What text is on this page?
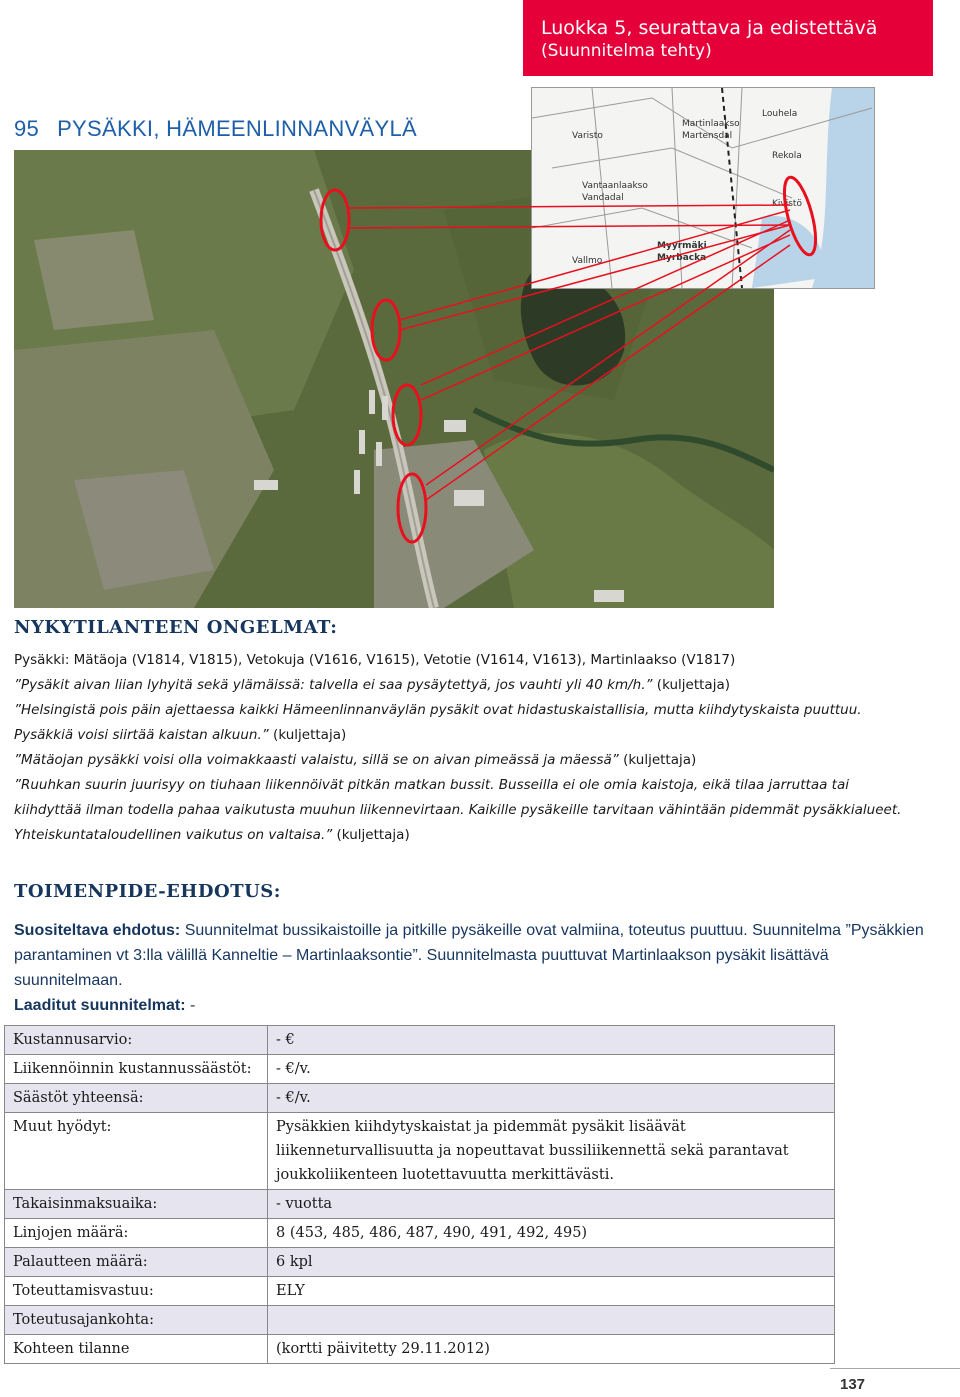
Luokka 5, seurattava ja edistettävä
(Suunnitelma tehty)
95 PYSÄKKI, HÄMEENLINNANVÄYLÄ	Martinlaakso
Martensdal
Varisto
Vantaanlaakso
Vandadal
Myyrmäki
Myrbacka
Kivistö
Vallmo
Louhela
Rekola
NYKYTILANTEEN ONGELMAT:
Pysäkki: Mätäoja (V1814, V1815), Vetokuja (V1616, V1615), Vetotie (V1614, V1613), Martinlaakso (V1817)
”Pysäkit aivan liian lyhyitä sekä ylämäissä: talvella ei saa pysäytettyä, jos vauhti yli 40 km/h.” (kuljettaja)
”Helsingistä pois päin ajettaessa kaikki Hämeenlinnanväylän pysäkit ovat hidastuskaistallisia, mutta kiihdytyskaista puuttuu. Pysäkkiä voisi siirtää kaistan alkuun.” (kuljettaja)
”Mätäojan pysäkki voisi olla voimakkaasti valaistu, sillä se on aivan pimeässä ja mäessä” (kuljettaja)
”Ruuhkan suurin juurisyy on tiuhaan liikennöivät pitkän matkan bussit. Busseilla ei ole omia kaistoja, eikä tilaa jarruttaa tai kiihdyttää ilman todella pahaa vaikutusta muuhun liikennevirtaan. Kaikille pysäkeille tarvitaan vähintään pidemmät pysäkkialueet. Yhteiskuntataloudellinen vaikutus on valtaisa.” (kuljettaja)
TOIMENPIDE-EHDOTUS:
Suositeltava ehdotus: Suunnitelmat bussikaistoille ja pitkille pysäkeille ovat valmiina, toteutus puuttuu. Suunnitelma ”Pysäkkien parantaminen vt 3:lla välillä Kanneltie – Martinlaaksontie”. Suunnitelmasta puuttuvat Martinlaakson pysäkit lisättävä suunnitelmaan.
Laaditut suunnitelmat: -
Kustannusarvio:	- €
Liikennöinnin kustannussäästöt:	- €/v.
Säästöt yhteensä:	- €/v.
Muut hyödyt:	Pysäkkien kiihdytyskaistat ja pidemmät pysäkit lisäävät liikenneturvallisuutta ja nopeuttavat bussiliikennettä sekä parantavat joukkoliikenteen luotettavuutta merkittävästi.
Takaisinmaksuaika:	- vuotta
Linjojen määrä:	8 (453, 485, 486, 487, 490, 491, 492, 495)
Palautteen määrä:	6 kpl
Toteuttamisvastuu:	ELY
Toteutusajankohta:	
Kohteen tilanne	(kortti päivitetty 29.11.2012)
137
